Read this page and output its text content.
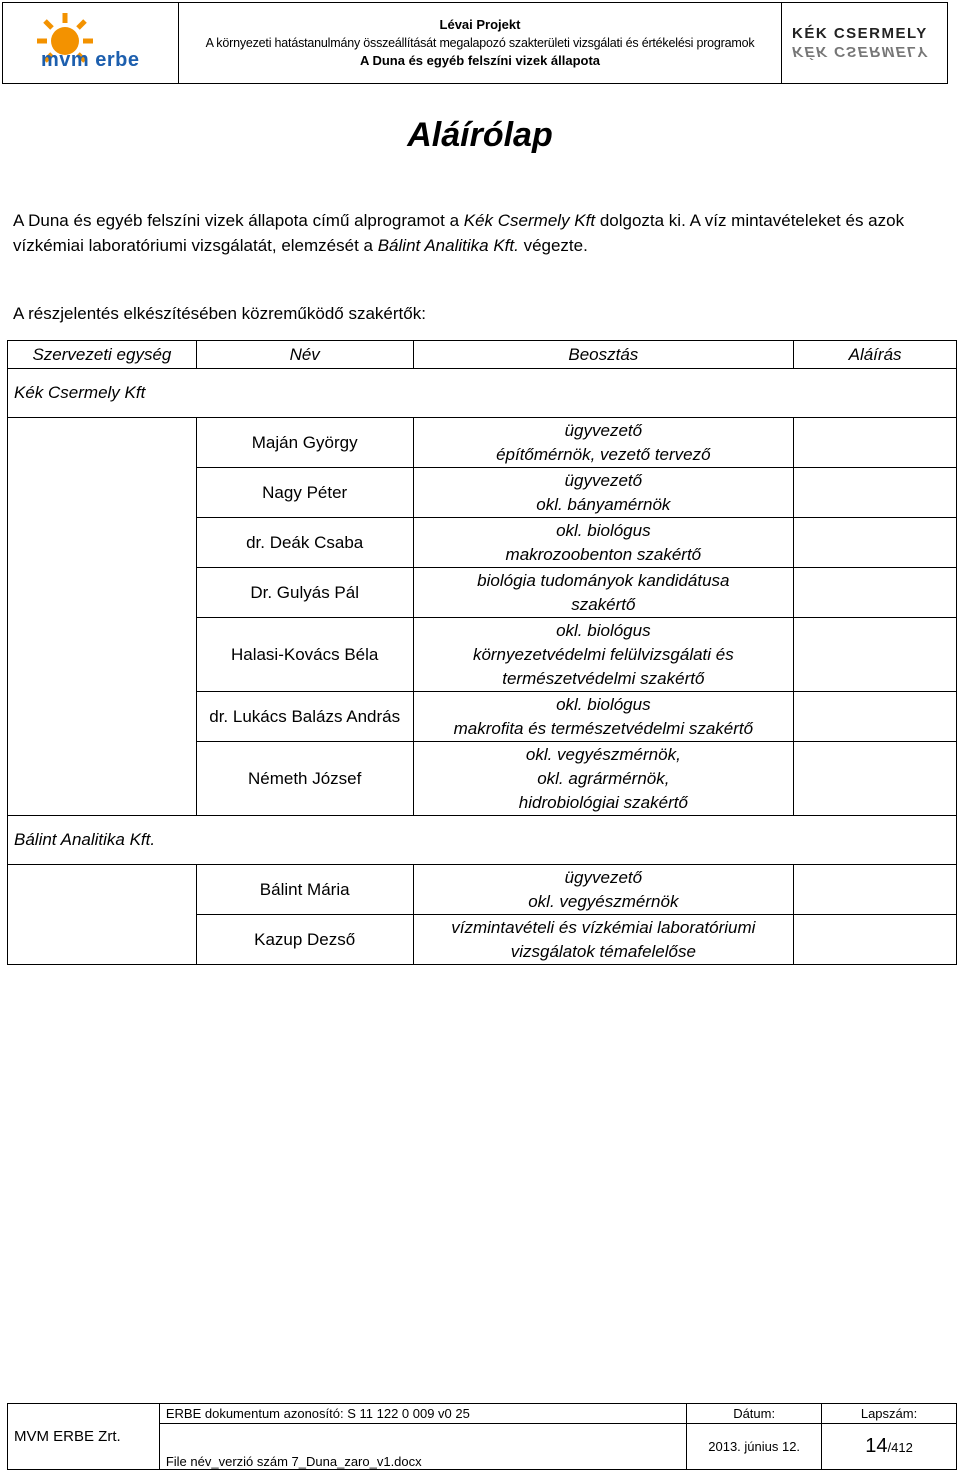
mvm erbe
Lévai Projekt
A környezeti hatástanulmány összeállítását megalapozó szakterületi vizsgálati és értékelési programok
A Duna és egyéb felszíni vizek állapota
KÉK CSERMELY
KÉK CSERMELY
Aláírólap
A Duna és egyéb felszíni vizek állapota című alprogramot a Kék Csermely Kft dolgozta ki. A víz mintavételeket és azok vízkémiai laboratóriumi vizsgálatát, elemzését a Bálint Analitika Kft. végezte.
A részjelentés elkészítésében közreműködő szakértők:
Szervezeti egység	Név	Beosztás	Aláírás
Kék Csermely Kft			
	Maján György	ügyvezető
építőmérnök, vezető tervező	

	Nagy Péter	ügyvezető
okl. bányamérnök	

	dr. Deák Csaba	okl. biológus
makrozoobenton szakértő	

	Dr. Gulyás Pál	biológia tudományok kandidátusa
szakértő	

	Halasi-Kovács Béla	okl. biológus
környezetvédelmi felülvizsgálati és
természetvédelmi szakértő	

	dr. Lukács Balázs András	okl. biológus
makrofita és természetvédelmi szakértő	

	Németh József	okl. vegyészmérnök,
okl. agrármérnök,
hidrobiológiai szakértő	

Bálint Analitika Kft.			
	Bálint Mária	ügyvezető
okl. vegyészmérnök	

	Kazup Dezső	vízmintavételi és vízkémiai laboratóriumi
vizsgálatok témafelelőse	

MVM ERBE Zrt.	ERBE dokumentum azonosító: S 11 122 0 009 v0 25	Dátum:	Lapszám:
	File név_verzió szám 7_Duna_zaro_v1.docx	2013. június 12.	14/412
